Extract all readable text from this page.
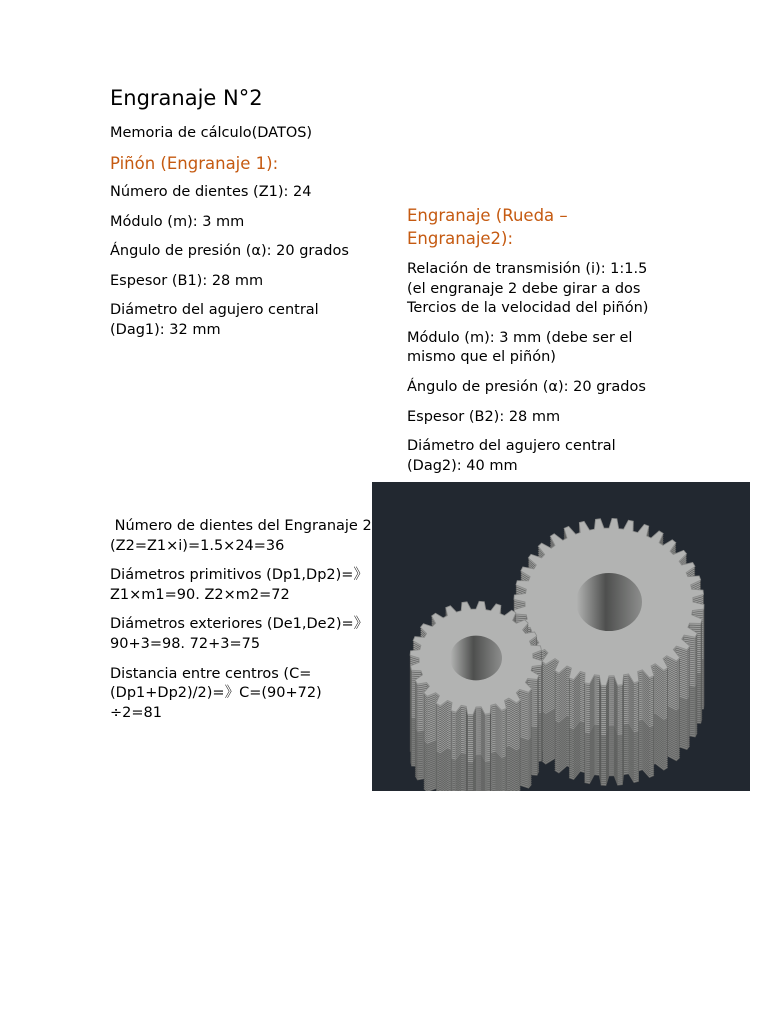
Engranaje N°2

Memoria de cálculo(DATOS)

Piñón (Engranaje 1):

Número de dientes (Z1): 24

Módulo (m): 3 mm

Ángulo de presión (α): 20 grados

Espesor (B1): 28 mm

Diámetro del agujero central (Dag1): 32 mm

Engranaje (Rueda – Engranaje2):

Relación de transmisión (i): 1:1.5 (el engranaje 2 debe girar a dos Tercios de la velocidad del piñón)

Módulo (m): 3 mm (debe ser el mismo que el piñón)

Ángulo de presión (α): 20 grados

Espesor (B2): 28 mm

Diámetro del agujero central (Dag2): 40 mm

Número de dientes del Engranaje 2 (Z2=Z1×i)=1.5×24=36

Diámetros primitivos (Dp1,Dp2)=》Z1×m1=90. Z2×m2=72

Diámetros exteriores (De1,De2)=》90+3=98. 72+3=75

Distancia entre centros (C=(Dp1+Dp2)/2)=》C=(90+72) ÷2=81
